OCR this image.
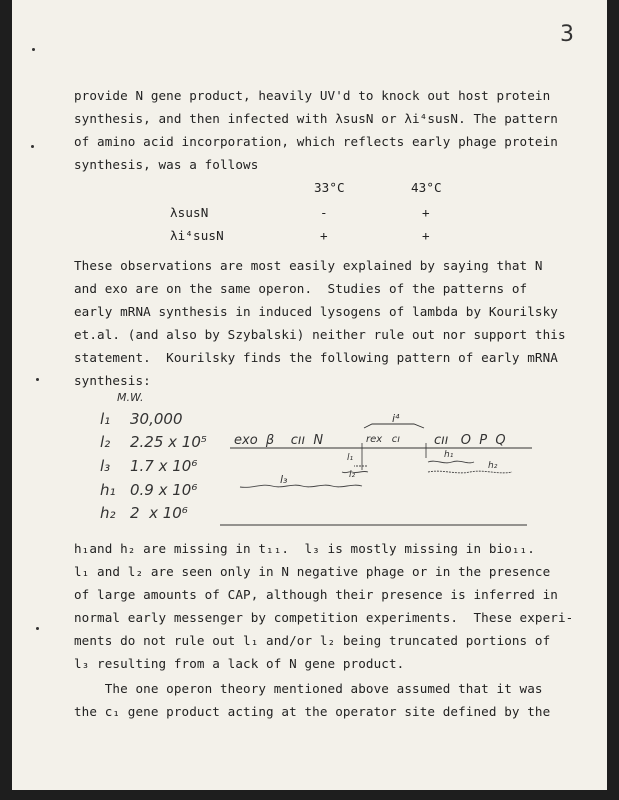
3
provide N gene product, heavily UV'd to knock out host protein
synthesis, and then infected with λsusN or λi⁴susN. The pattern
of amino acid incorporation, which reflects early phage protein
synthesis, was a follows
33°C	43°C
λsusN	-	+
λi⁴susN	+	+
These observations are most easily explained by saying that N
and exo are on the same operon.  Studies of the patterns of
early mRNA synthesis in induced lysogens of lambda by Kourilsky
et.al. (and also by Szybalski) neither rule out nor support this
statement.  Kourilsky finds the following pattern of early mRNA
synthesis:
M.W.
l₁ 30,000
l₂ 2.25 x 10⁵
l₃ 1.7 x 10⁶
h₁ 0.9 x 10⁶
h₂ 2  x 10⁶
exo  β    cıı  N	rex   cı	cıı   O  P  Q
i⁴
l₁
l₂
l₃
h₁
h₂
h₁and h₂ are missing in t₁₁.  l₃ is mostly missing in bio₁₁.
l₁ and l₂ are seen only in N negative phage or in the presence
of large amounts of CAP, although their presence is inferred in
normal early messenger by competition experiments.  These experi-
ments do not rule out l₁ and/or l₂ being truncated portions of
l₃ resulting from a lack of N gene product.
The one operon theory mentioned above assumed that it was
the c₁ gene product acting at the operator site defined by the
